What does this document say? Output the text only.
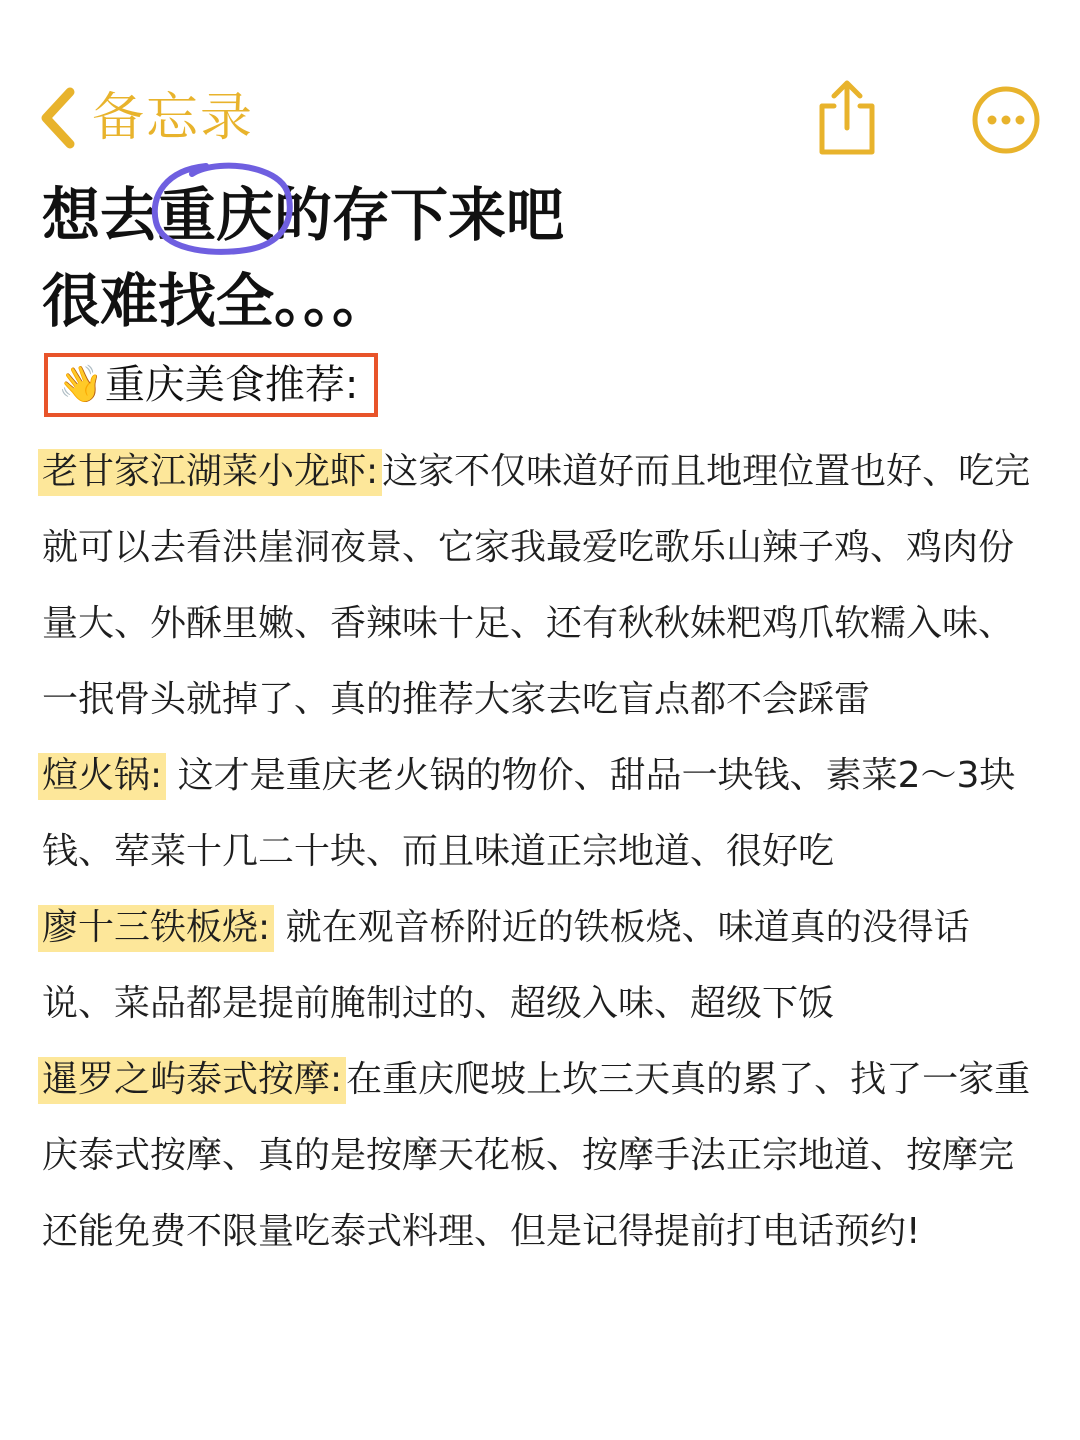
备忘录
想去重庆
的存下来吧
很难找全。。。
👋 重庆美食推荐:

老甘家江湖菜小龙虾: 这家不仅味道好而且地理位置也好、吃完就可以去看洪崖洞夜景、它家我最爱吃歌乐山辣子鸡、鸡肉份量大、外酥里嫩、香辣味十足、还有秋秋妹粑鸡爪软糯入味、一抿骨头就掉了、真的推荐大家去吃盲点都不会踩雷

煊火锅: 这才是重庆老火锅的物价、甜品一块钱、素菜2～3块钱、荤菜十几二十块、而且味道正宗地道、很好吃

廖十三铁板烧: 就在观音桥附近的铁板烧、味道真的没得话说、菜品都是提前腌制过的、超级入味、超级下饭

暹罗之屿泰式按摩: 在重庆爬坡上坎三天真的累了、找了一家重庆泰式按摩、真的是按摩天花板、按摩手法正宗地道、按摩完还能免费不限量吃泰式料理、但是记得提前打电话预约!
